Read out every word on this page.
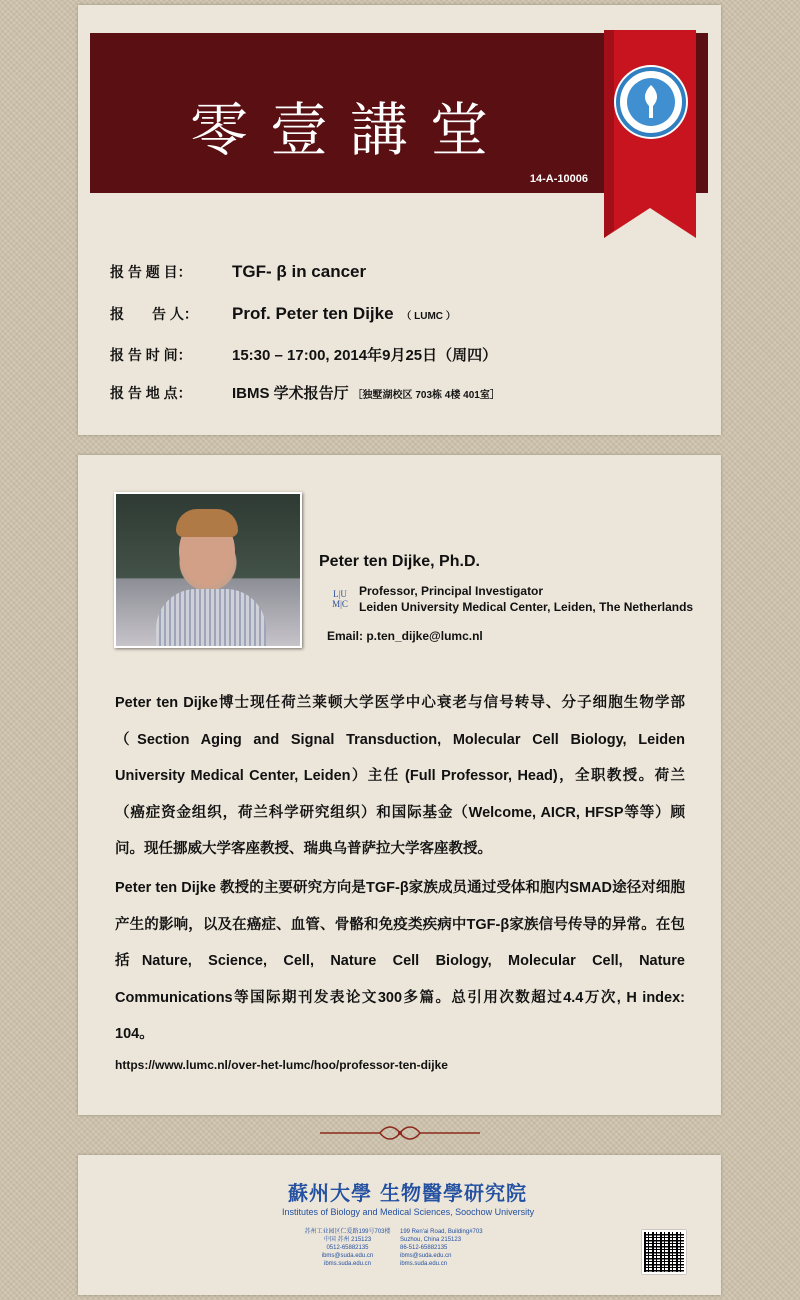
零壹講堂
14-A-10006
报 告 题 目： TGF- β in cancer
报　　告 人： Prof. Peter ten Dijke （ LUMC ）
报 告 时 间：	15:30 – 17:00, 2014年9月25日（周四）
报 告 地 点：	IBMS 学术报告厅 ［独墅湖校区 703栋 4楼 401室］
Peter ten Dijke, Ph.D.
L|U
M|C
Professor, Principal Investigator
Leiden University Medical Center, Leiden, The Netherlands
Email: p.ten_dijke@lumc.nl
Peter ten Dijke博士现任荷兰莱顿大学医学中心衰老与信号转导、分子细胞生物学部（Section Aging and Signal Transduction, Molecular Cell Biology, Leiden University Medical Center, Leiden）主任 (Full Professor, Head)，全职教授。荷兰（癌症资金组织，荷兰科学研究组织）和国际基金（Welcome, AICR, HFSP等等）顾问。现任挪威大学客座教授、瑞典乌普萨拉大学客座教授。
Peter ten Dijke 教授的主要研究方向是TGF-β家族成员通过受体和胞内SMAD途径对细胞产生的影响，以及在癌症、血管、骨骼和免疫类疾病中TGF-β家族信号传导的异常。在包括Nature, Science, Cell, Nature Cell Biology, Molecular Cell, Nature Communications等国际期刊发表论文300多篇。总引用次数超过4.4万次, H index: 104。
https://www.lumc.nl/over-het-lumc/hoo/professor-ten-dijke
蘇州大學 生物醫學研究院
Institutes of Biology and Medical Sciences, Soochow University
苏州工业园区仁爱路199号703楼
中国 苏州 215123
0512-65882135
ibms@suda.edu.cn
ibms.suda.edu.cn
199 Ren'ai Road, Building#703
Suzhou, China 215123
86-512-65882135
ibms@suda.edu.cn
ibms.suda.edu.cn
